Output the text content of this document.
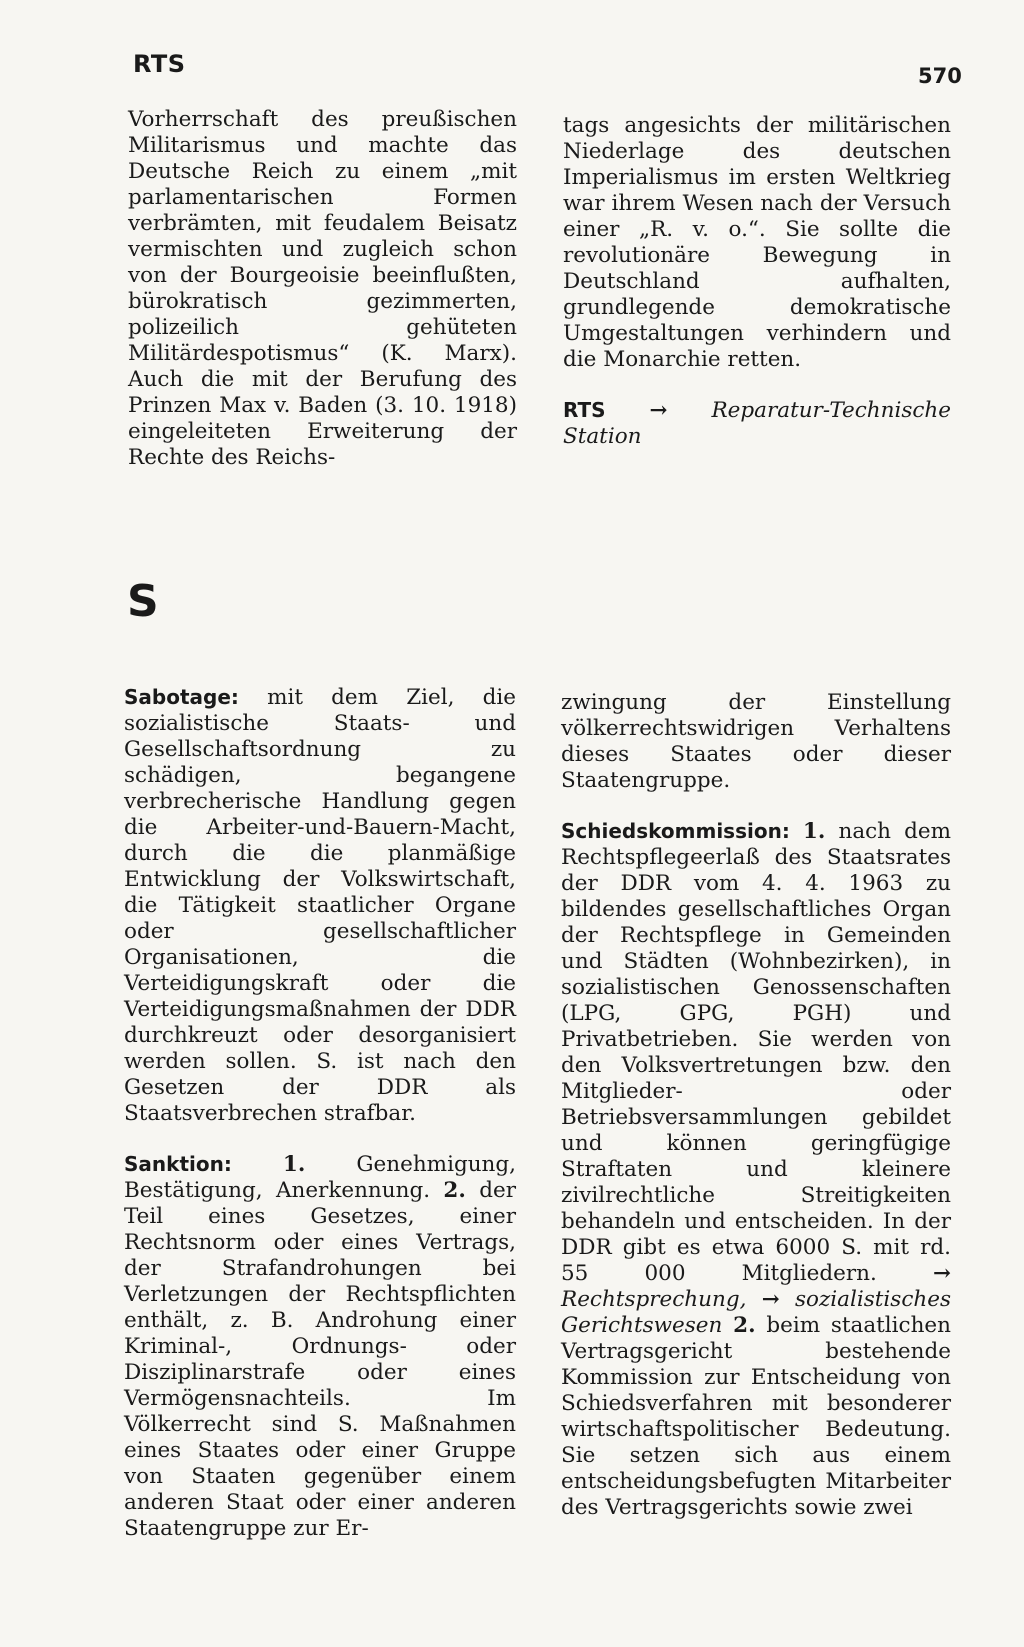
RTS	570

Vorherrschaft des preußischen Militarismus und machte das Deutsche Reich zu einem „mit parlamentarischen Formen verbrämten, mit feudalem Beisatz vermischten und zugleich schon von der Bourgeoisie beeinflußten, bürokratisch gezimmerten, polizeilich gehüteten Militärdespotismus“ (K. Marx). Auch die mit der Berufung des Prinzen Max v. Baden (3. 10. 1918) eingeleiteten Erweiterung der Rechte des Reichs-

tags angesichts der militärischen Niederlage des deutschen Imperialismus im ersten Weltkrieg war ihrem Wesen nach der Versuch einer „R. v. o.“. Sie sollte die revolutionäre Bewegung in Deutschland aufhalten, grundlegende demokratische Umgestaltungen verhindern und die Monarchie retten.

RTS → Reparatur-Technische Station

S

Sabotage: mit dem Ziel, die sozialistische Staats- und Gesellschaftsordnung zu schädigen, begangene verbrecherische Handlung gegen die Arbeiter-und-Bauern-Macht, durch die die planmäßige Entwicklung der Volkswirtschaft, die Tätigkeit staatlicher Organe oder gesellschaftlicher Organisationen, die Verteidigungskraft oder die Verteidigungsmaßnahmen der DDR durchkreuzt oder desorganisiert werden sollen. S. ist nach den Gesetzen der DDR als Staatsverbrechen strafbar.

Sanktion: 1. Genehmigung, Bestätigung, Anerkennung. 2. der Teil eines Gesetzes, einer Rechtsnorm oder eines Vertrags, der Strafandrohungen bei Verletzungen der Rechtspflichten enthält, z. B. Androhung einer Kriminal-, Ordnungs- oder Disziplinarstrafe oder eines Vermögensnachteils. Im Völkerrecht sind S. Maßnahmen eines Staates oder einer Gruppe von Staaten gegenüber einem anderen Staat oder einer anderen Staatengruppe zur Er-

zwingung der Einstellung völkerrechtswidrigen Verhaltens dieses Staates oder dieser Staatengruppe.

Schiedskommission: 1. nach dem Rechtspflegeerlaß des Staatsrates der DDR vom 4. 4. 1963 zu bildendes gesellschaftliches Organ der Rechtspflege in Gemeinden und Städten (Wohnbezirken), in sozialistischen Genossenschaften (LPG, GPG, PGH) und Privatbetrieben. Sie werden von den Volksvertretungen bzw. den Mitglieder- oder Betriebsversammlungen gebildet und können geringfügige Straftaten und kleinere zivilrechtliche Streitigkeiten behandeln und entscheiden. In der DDR gibt es etwa 6000 S. mit rd. 55 000 Mitgliedern.	→ Rechtsprechung, → sozialistisches Gerichtswesen 2. beim staatlichen Vertragsgericht bestehende Kommission zur Entscheidung von Schiedsverfahren mit besonderer wirtschaftspolitischer Bedeutung. Sie setzen sich aus einem entscheidungsbefugten Mitarbeiter des Vertragsgerichts sowie zwei
